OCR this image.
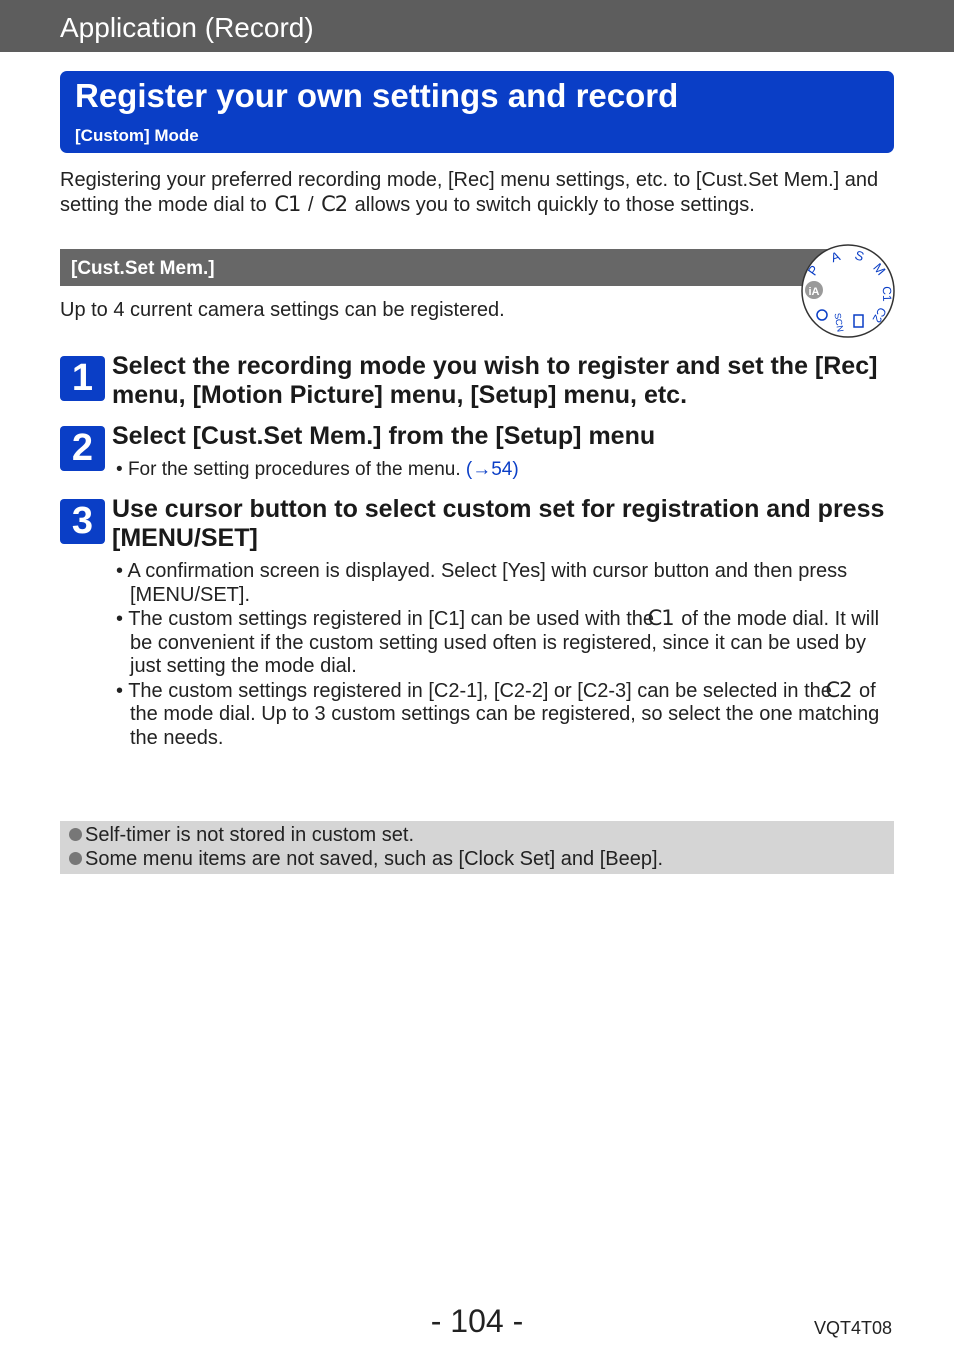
Application (Record)
Register your own settings and record
[Custom] Mode
Registering your preferred recording mode, [Rec] menu settings, etc. to [Cust.Set Mem.] and setting the mode dial to C1 / C2 allows you to switch quickly to those settings.
[Cust.Set Mem.]
iA
P
A S
M
C1
C2
SCN
Up to 4 current camera settings can be registered.
1 Select the recording mode you wish to register and set the [Rec] menu, [Motion Picture] menu, [Setup] menu, etc.
2 Select [Cust.Set Mem.] from the [Setup] menu
• For the setting procedures of the menu. (→54)
3 Use cursor button to select custom set for registration and press [MENU/SET]
• A confirmation screen is displayed. Select [Yes] with cursor button and then press [MENU/SET].
• The custom settings registered in [C1] can be used with the C1 of the mode dial. It will be convenient if the custom setting used often is registered, since it can be used by just setting the mode dial.
• The custom settings registered in [C2-1], [C2-2] or [C2-3] can be selected in the C2 of the mode dial. Up to 3 custom settings can be registered, so select the one matching the needs.
Self-timer is not stored in custom set.
Some menu items are not saved, such as [Clock Set] and [Beep].
- 104 -	VQT4T08
